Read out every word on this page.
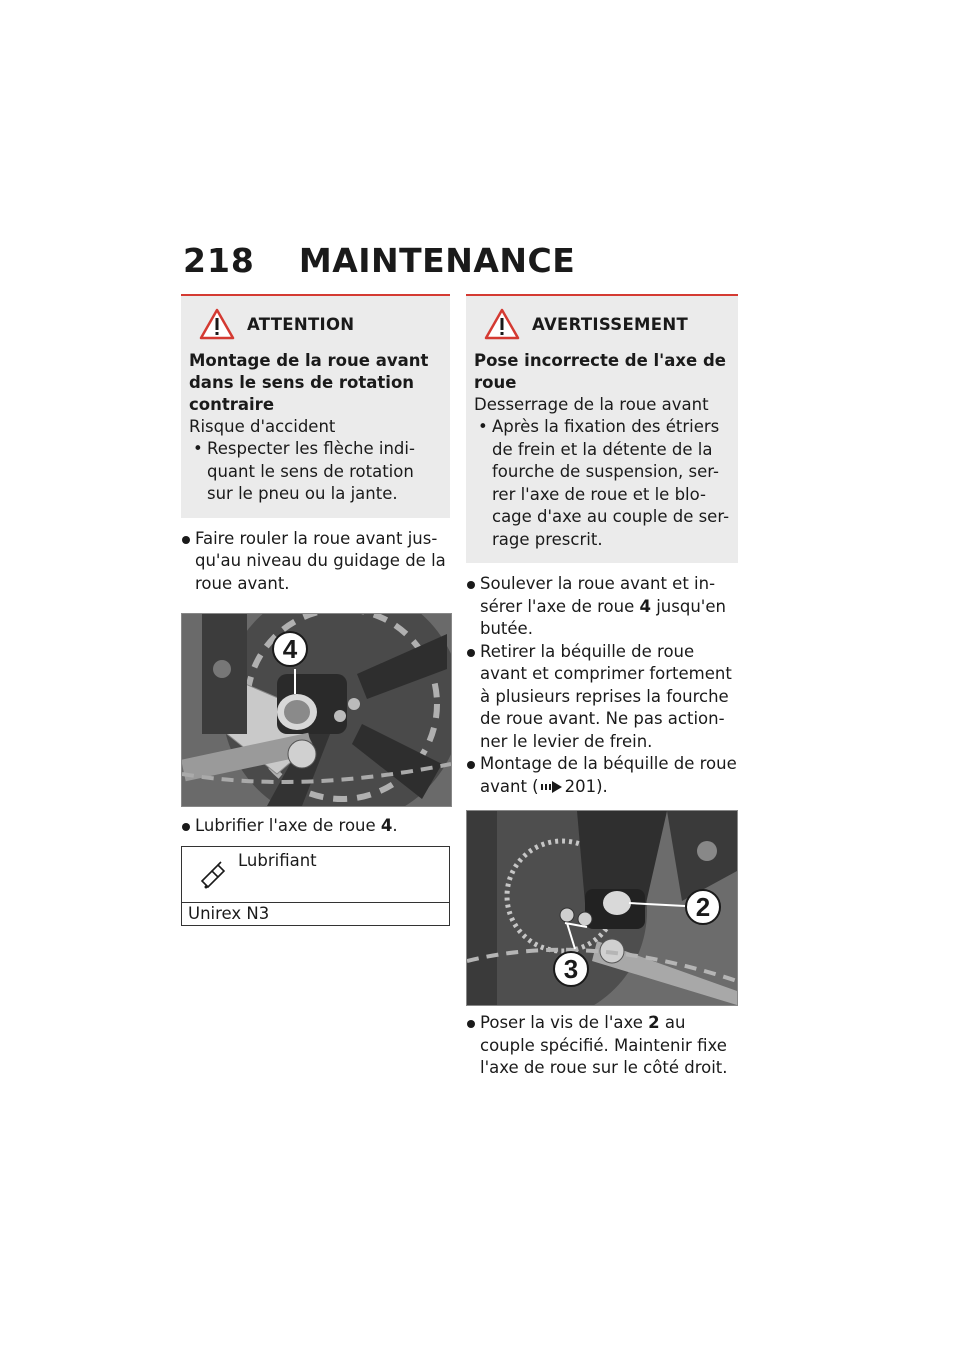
218 MAINTENANCE
ATTENTION
Montage de la roue avant dans le sens de rotation contraire
Risque d'accident
• Respecter les flèche indi-quant le sens de rotation sur le pneu ou la jante.
Faire rouler la roue avant jus-qu'au niveau du guidage de la roue avant.
4
Lubrifier l'axe de roue 4.
Lubrifiant
Unirex N3
AVERTISSEMENT
Pose incorrecte de l'axe de roue
Desserrage de la roue avant
• Après la fixation des étriers de frein et la détente de la fourche de suspension, ser-rer l'axe de roue et le blo-cage d'axe au couple de ser-rage prescrit.
Soulever la roue avant et in-sérer l'axe de roue 4 jusqu'en butée.
Retirer la béquille de roue avant et comprimer fortement à plusieurs reprises la fourche de roue avant. Ne pas action-ner le levier de frein.
Montage de la béquille de roue avant ( 201).
2
3
Poser la vis de l'axe 2 au couple spécifié. Maintenir fixe l'axe de roue sur le côté droit.
